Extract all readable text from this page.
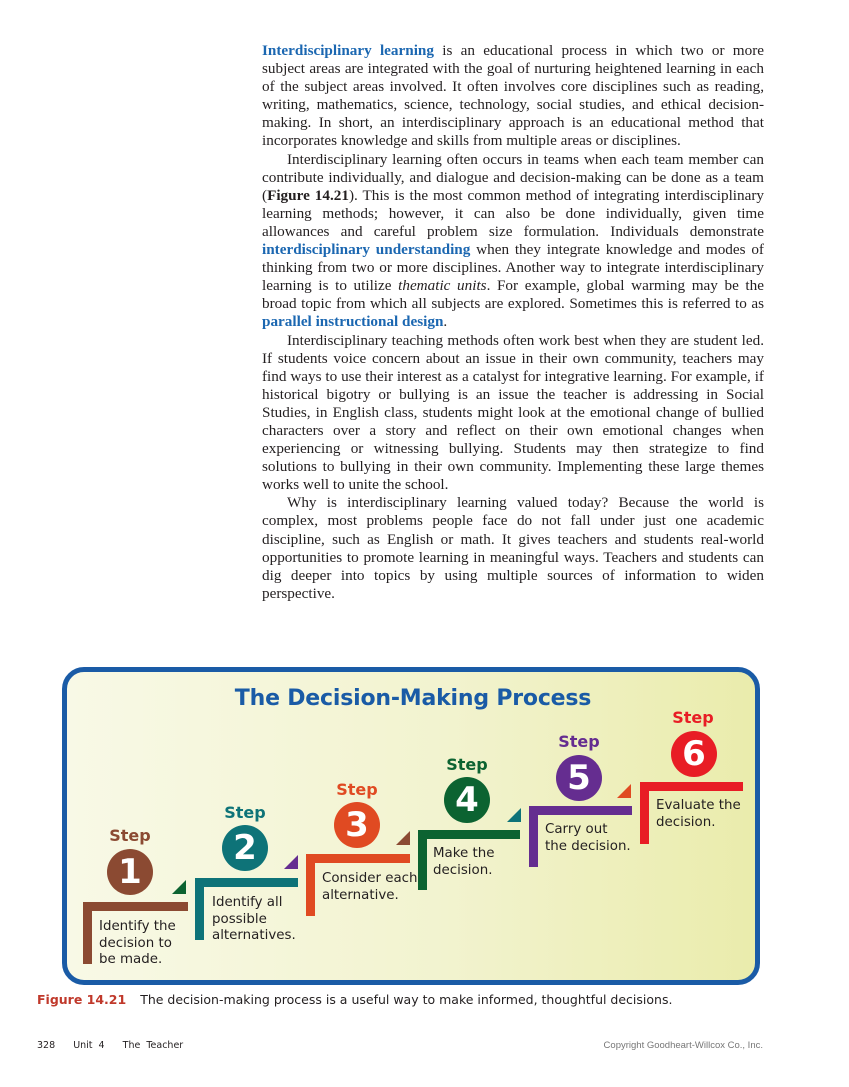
Interdisciplinary learning is an educational process in which two or more subject areas are integrated with the goal of nurturing heightened learning in each of the subject areas involved. It often involves core disciplines such as reading, writing, mathematics, science, technology, social studies, and ethical decision-making. In short, an interdisciplinary approach is an educational method that incorporates knowledge and skills from multiple areas or disciplines.

Interdisciplinary learning often occurs in teams when each team member can contribute individually, and dialogue and decision-making can be done as a team (Figure 14.21). This is the most common method of integrating interdisciplinary learning methods; however, it can also be done individually, given time allowances and careful problem size formulation. Individuals demonstrate interdisciplinary understanding when they integrate knowledge and modes of thinking from two or more disciplines. Another way to integrate interdisciplinary learning is to utilize thematic units. For example, global warming may be the broad topic from which all subjects are explored. Sometimes this is referred to as parallel instructional design.

Interdisciplinary teaching methods often work best when they are student led. If students voice concern about an issue in their own community, teachers may find ways to use their interest as a catalyst for integrative learning. For example, if historical bigotry or bullying is an issue the teacher is addressing in Social Studies, in English class, students might look at the emotional change of bullied characters over a story and reflect on their own emotional changes when experiencing or witnessing bullying. Students may then strategize to find solutions to bullying in their own community. Implementing these large themes works well to unite the school.

Why is interdisciplinary learning valued today? Because the world is complex, most problems people face do not fall under just one academic discipline, such as English or math. It gives teachers and students real-world opportunities to promote learning in meaningful ways. Teachers and students can dig deeper into topics by using multiple sources of information to widen perspective.

The Decision-Making Process
Step
1
Identify the
decision to
be made.
Step
2
Identify all
possible
alternatives.
Step
3
Consider each
alternative.
Step
4
Make the
decision.
Step
5
Carry out
the decision.
Step
6
Evaluate the
decision.
Figure 14.21 The decision-making process is a useful way to make informed, thoughtful decisions.
328   Unit 4   The Teacher	Copyright Goodheart-Willcox Co., Inc.
